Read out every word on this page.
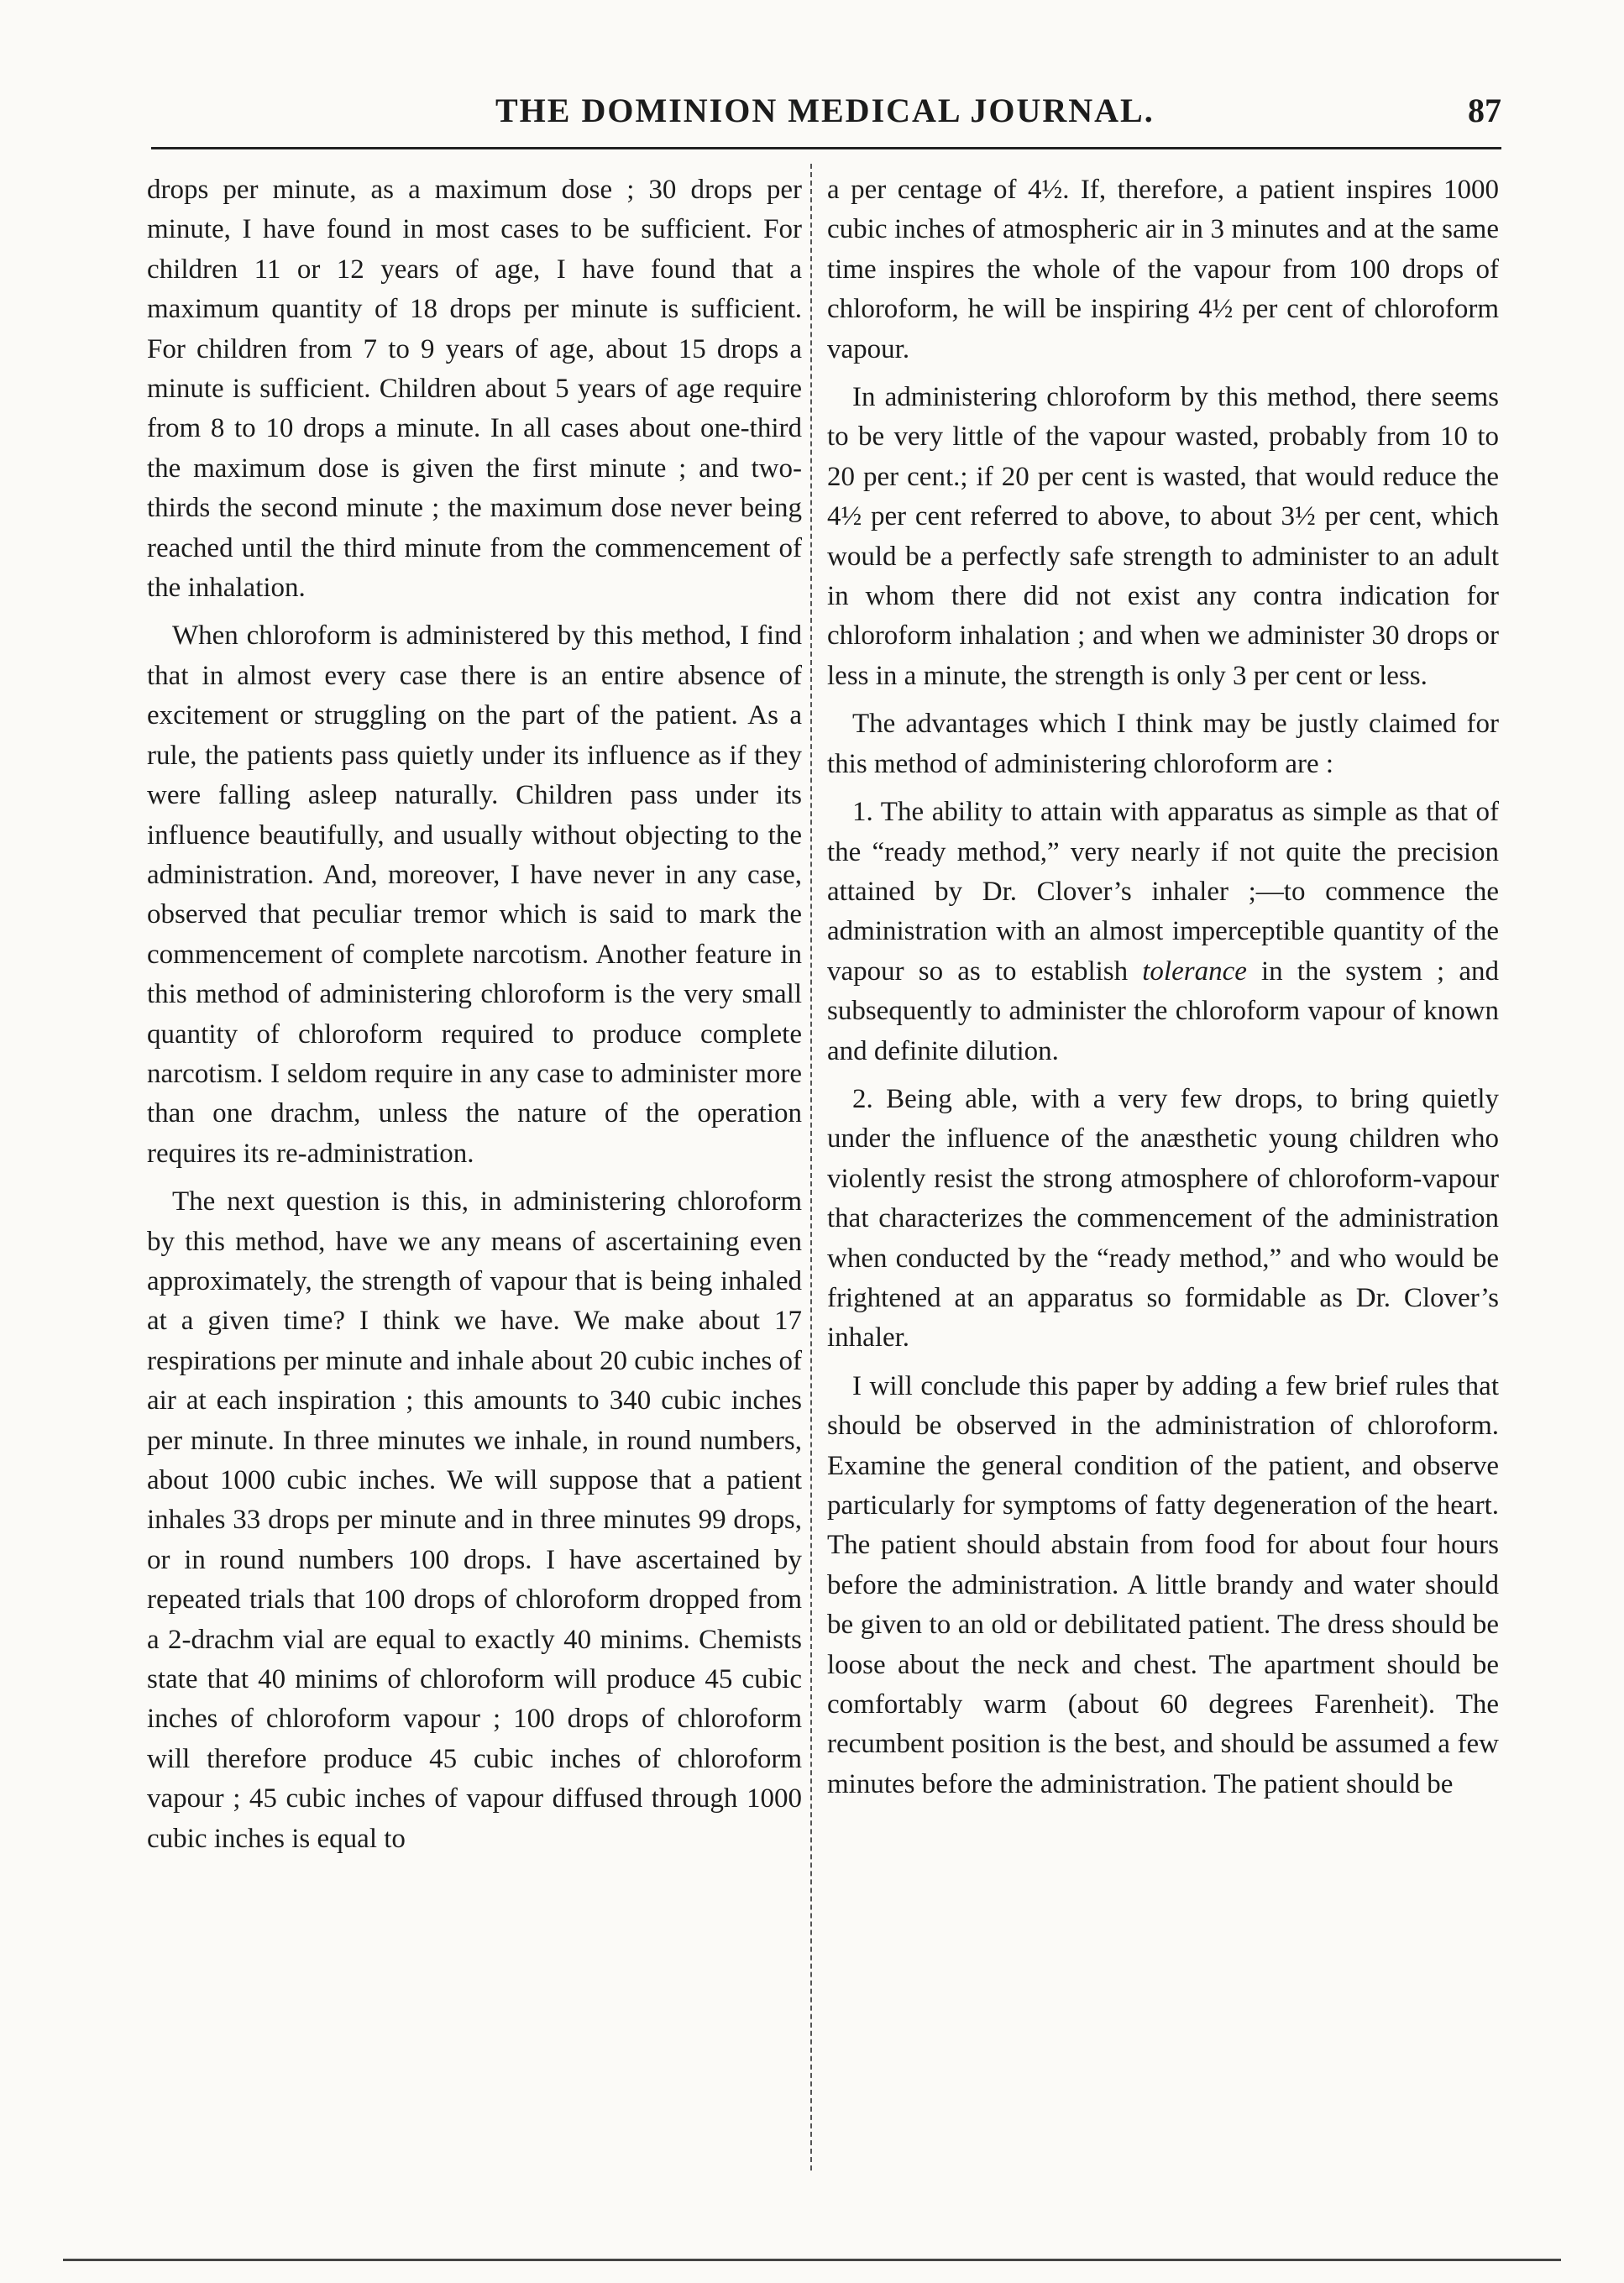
THE DOMINION MEDICAL JOURNAL.	87

drops per minute, as a maximum dose ; 30 drops per minute, I have found in most cases to be sufficient. For children 11 or 12 years of age, I have found that a maximum quantity of 18 drops per minute is sufficient. For children from 7 to 9 years of age, about 15 drops a minute is sufficient. Children about 5 years of age require from 8 to 10 drops a minute. In all cases about one-third the maximum dose is given the first minute ; and two-thirds the second minute ; the maximum dose never being reached until the third minute from the commencement of the inhalation.

When chloroform is administered by this method, I find that in almost every case there is an entire absence of excitement or struggling on the part of the patient. As a rule, the patients pass quietly under its influence as if they were falling asleep naturally. Children pass under its influence beautifully, and usually without objecting to the administration. And, moreover, I have never in any case, observed that peculiar tremor which is said to mark the commencement of complete narcotism. Another feature in this method of administering chloroform is the very small quantity of chloroform required to produce complete narcotism. I seldom require in any case to administer more than one drachm, unless the nature of the operation requires its re-administration.

The next question is this, in administering chloroform by this method, have we any means of ascertaining even approximately, the strength of vapour that is being inhaled at a given time? I think we have. We make about 17 respirations per minute and inhale about 20 cubic inches of air at each inspiration ; this amounts to 340 cubic inches per minute. In three minutes we inhale, in round numbers, about 1000 cubic inches. We will suppose that a patient inhales 33 drops per minute and in three minutes 99 drops, or in round numbers 100 drops. I have ascertained by repeated trials that 100 drops of chloroform dropped from a 2-drachm vial are equal to exactly 40 minims. Chemists state that 40 minims of chloroform will produce 45 cubic inches of chloroform vapour ; 100 drops of chloroform will therefore produce 45 cubic inches of chloroform vapour ; 45 cubic inches of vapour diffused through 1000 cubic inches is equal to

a per centage of 4½. If, therefore, a patient inspires 1000 cubic inches of atmospheric air in 3 minutes and at the same time inspires the whole of the vapour from 100 drops of chloroform, he will be inspiring 4½ per cent of chloroform vapour.

In administering chloroform by this method, there seems to be very little of the vapour wasted, probably from 10 to 20 per cent.; if 20 per cent is wasted, that would reduce the 4½ per cent referred to above, to about 3½ per cent, which would be a perfectly safe strength to administer to an adult in whom there did not exist any contra indication for chloroform inhalation ; and when we administer 30 drops or less in a minute, the strength is only 3 per cent or less.

The advantages which I think may be justly claimed for this method of administering chloroform are :

1. The ability to attain with apparatus as simple as that of the “ready method,” very nearly if not quite the precision attained by Dr. Clover’s inhaler ;—to commence the administration with an almost imperceptible quantity of the vapour so as to establish tolerance in the system ; and subsequently to administer the chloroform vapour of known and definite dilution.

2. Being able, with a very few drops, to bring quietly under the influence of the anæsthetic young children who violently resist the strong atmosphere of chloroform-vapour that characterizes the commencement of the administration when conducted by the “ready method,” and who would be frightened at an apparatus so formidable as Dr. Clover’s inhaler.

I will conclude this paper by adding a few brief rules that should be observed in the administration of chloroform. Examine the general condition of the patient, and observe particularly for symptoms of fatty degeneration of the heart. The patient should abstain from food for about four hours before the administration. A little brandy and water should be given to an old or debilitated patient. The dress should be loose about the neck and chest. The apartment should be comfortably warm (about 60 degrees Farenheit). The recumbent position is the best, and should be assumed a few minutes before the administration. The patient should be
